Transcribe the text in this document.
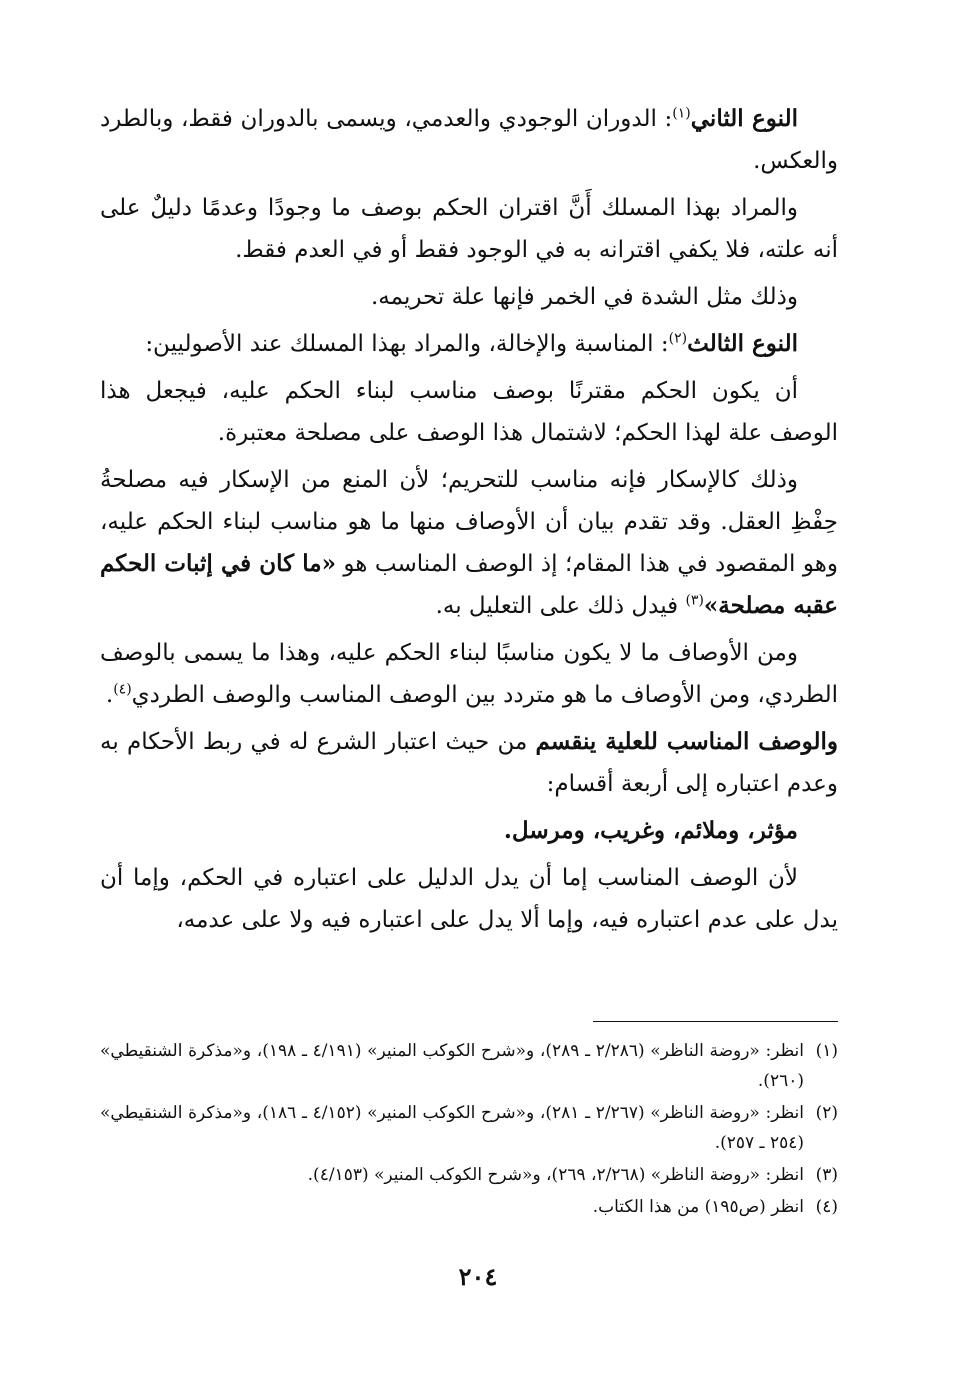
النوع الثاني$^{(١)}$: الدوران الوجودي والعدمي، ويسمى بالدوران فقط، وبالطرد والعكس.

والمراد بهذا المسلك أَنَّ اقتران الحكم بوصف ما وجودًا وعدمًا دليلٌ على أنه علته، فلا يكفي اقترانه به في الوجود فقط أو في العدم فقط.

وذلك مثل الشدة في الخمر فإنها علة تحريمه.

النوع الثالث$^{(٢)}$: المناسبة والإخالة، والمراد بهذا المسلك عند الأصوليين:

أن يكون الحكم مقترنًا بوصف مناسب لبناء الحكم عليه، فيجعل هذا الوصف علة لهذا الحكم؛ لاشتمال هذا الوصف على مصلحة معتبرة.

وذلك كالإسكار فإنه مناسب للتحريم؛ لأن المنع من الإسكار فيه مصلحةُ حِفْظِ العقل. وقد تقدم بيان أن الأوصاف منها ما هو مناسب لبناء الحكم عليه، وهو المقصود في هذا المقام؛ إذ الوصف المناسب هو «ما كان في إثبات الحكم عقبه مصلحة»$^{(٣)}$ فيدل ذلك على التعليل به.

ومن الأوصاف ما لا يكون مناسبًا لبناء الحكم عليه، وهذا ما يسمى بالوصف الطردي، ومن الأوصاف ما هو متردد بين الوصف المناسب والوصف الطردي$^{(٤)}$.

والوصف المناسب للعلية ينقسم من حيث اعتبار الشرع له في ربط الأحكام به وعدم اعتباره إلى أربعة أقسام:

مؤثر، وملائم، وغريب، ومرسل.

لأن الوصف المناسب إما أن يدل الدليل على اعتباره في الحكم، وإما أن يدل على عدم اعتباره فيه، وإما ألا يدل على اعتباره فيه ولا على عدمه،

(١)
انظر: «روضة الناظر» (٢/٢٨٦ ـ ٢٨٩)، و«شرح الكوكب المنير» (٤/١٩١ ـ ١٩٨)، و«مذكرة الشنقيطي» (٢٦٠).
(٢)
انظر: «روضة الناظر» (٢/٢٦٧ ـ ٢٨١)، و«شرح الكوكب المنير» (٤/١٥٢ ـ ١٨٦)، و«مذكرة الشنقيطي» (٢٥٤ ـ ٢٥٧).
(٣)
انظر: «روضة الناظر» (٢/٢٦٨، ٢٦٩)، و«شرح الكوكب المنير» (٤/١٥٣).
(٤)
انظر (ص١٩٥) من هذا الكتاب.
٢٠٤
